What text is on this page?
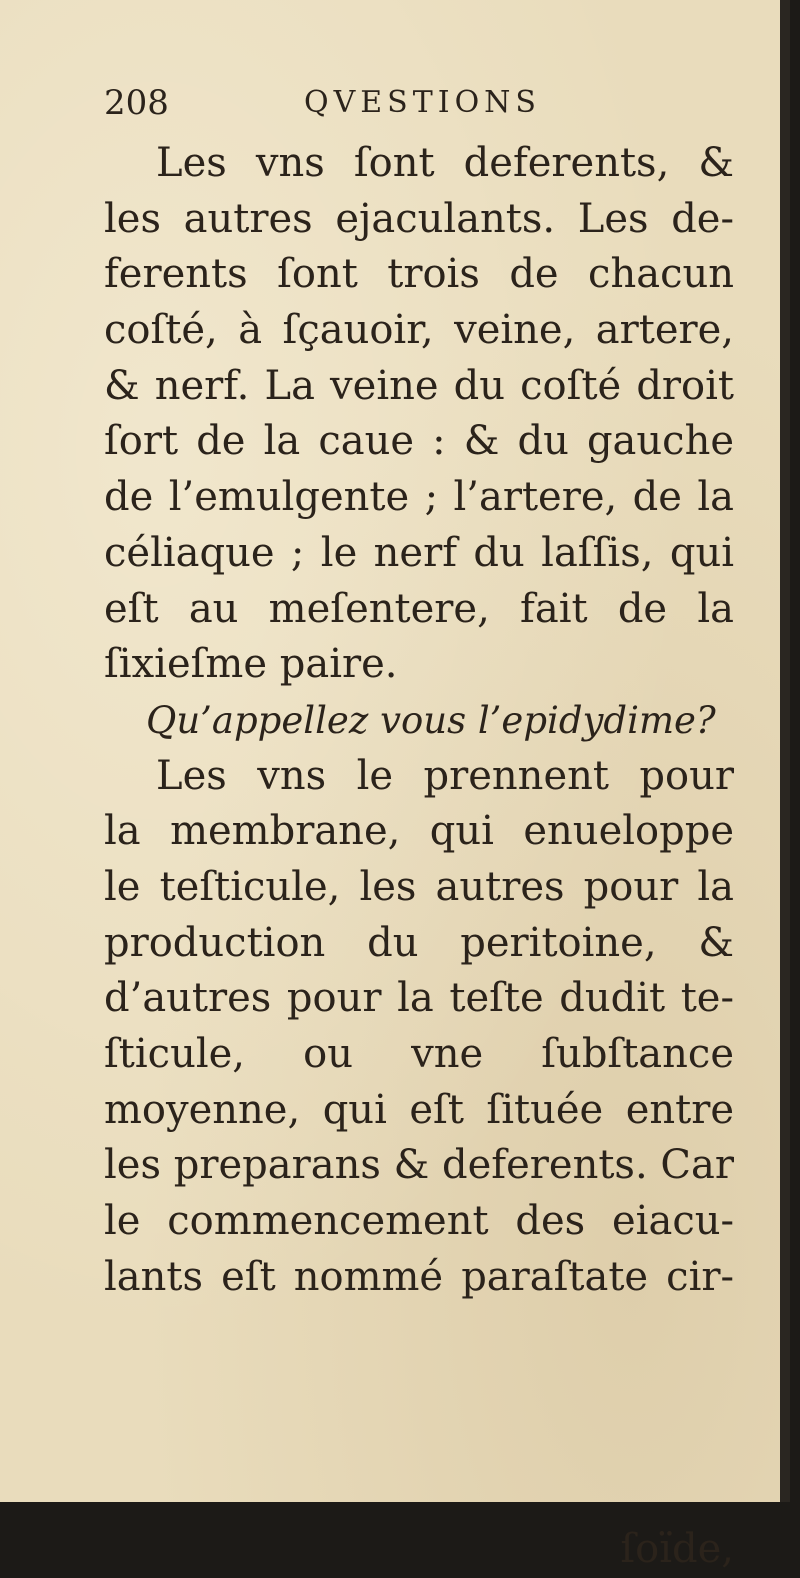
208	QVESTIONS
Les vns ſont deferents, &
les autres ejaculants. Les de-
ferents ſont trois de chacun
coſté, à ſçauoir, veine, artere,
& nerf. La veine du coſté droit
ſort de la caue : & du gauche
de l’emulgente ; l’artere, de la
céliaque ; le nerf du laſſis, qui
eſt au meſentere, fait de la
ſixieſme paire.
Qu’appellez vous l’epidydime?
Les vns le prennent pour
la membrane, qui enueloppe
le teſticule, les autres pour la
production du peritoine, &
d’autres pour la teſte dudit te-
ſticule, ou vne ſubſtance
moyenne, qui eſt ſituée entre
les preparans & deferents. Car
le commencement des eiacu-
lants eſt nommé paraſtate cir-
ſoïde,
